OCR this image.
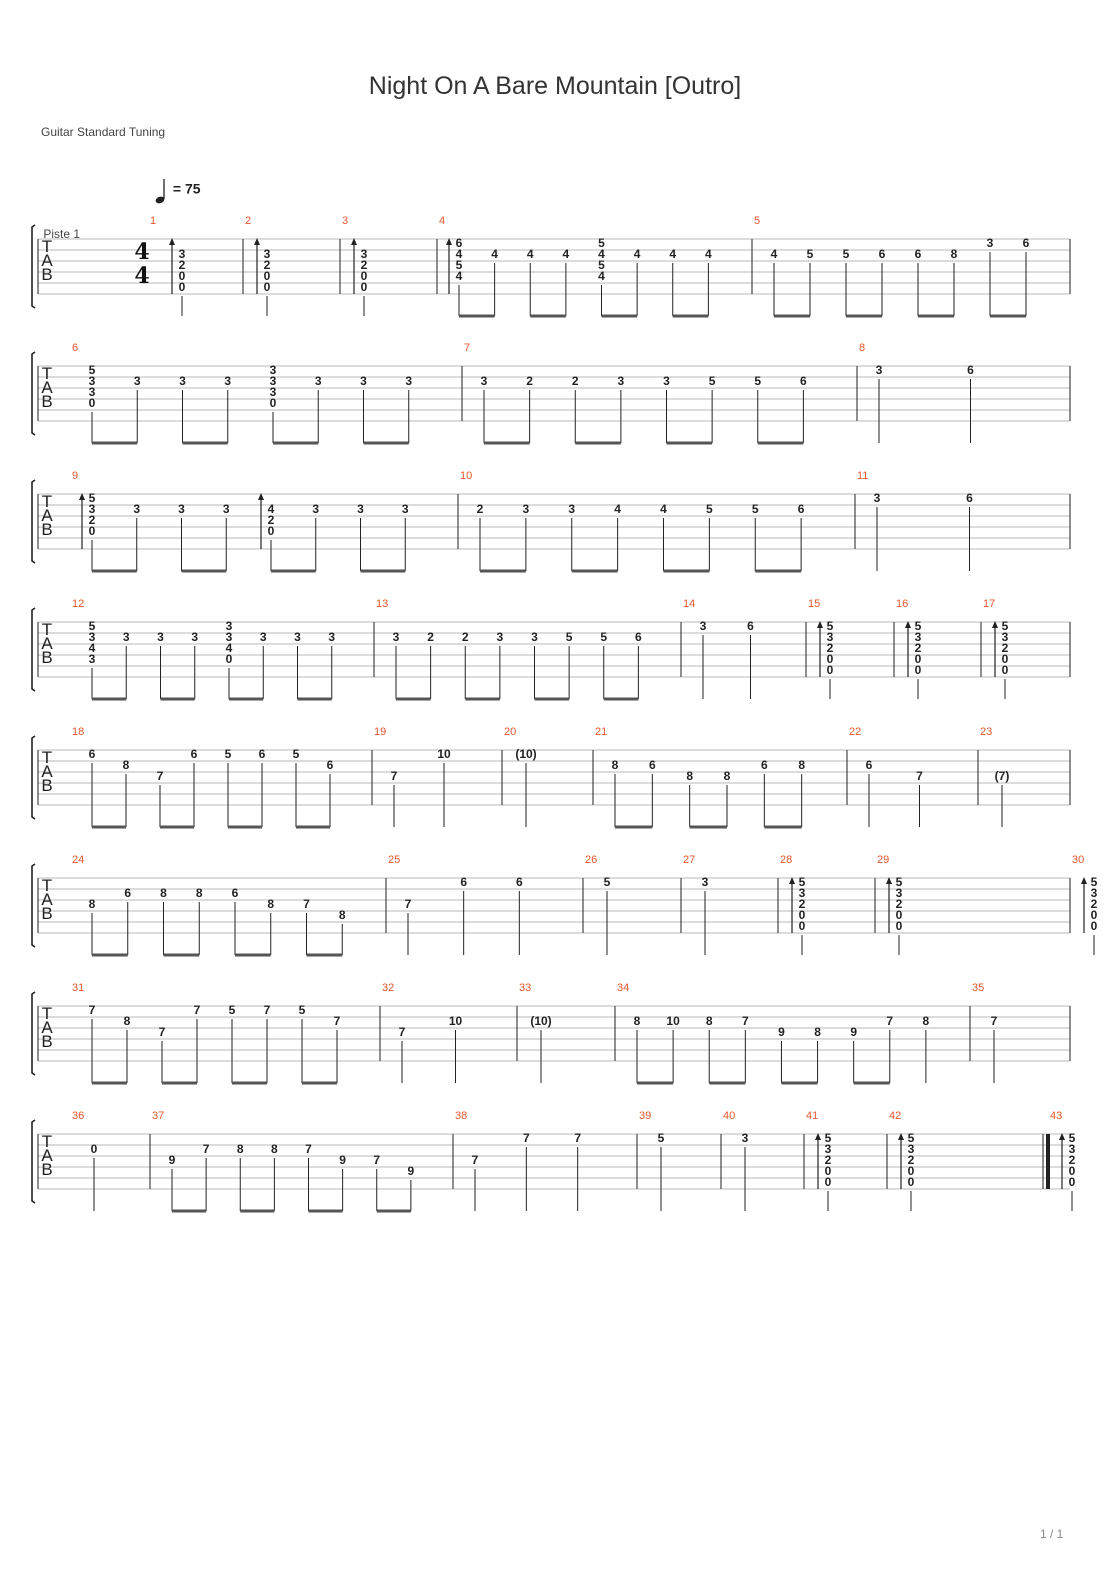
Night On A Bare Mountain [Outro]
Guitar Standard Tuning
= 75
T
A
B
Piste 1
4
4
1
3
2
0
0
2
3
2
0
0
3
3
2
0
0
4
6
4
5
4
4 4 4
5
4
5
4
4 4 4
5
4 5 5 6 6 8
3 6
T
A
B
6
5
3
3
0
3	3	3
3
3
3
0
3	3	3
7
3	2	2	3	3	5	5	6
8
3	6
T
A
B
9
5
3
2
0
3	3	3	4
2
0
3	3	3
10
2	3	3	4	4	5	5	6
11
3	6
T
A
B
12
5
3
4
3
3 3 3
3
3
4
0
3 3 3
13
3 2 2 3 3 5 5 6
14
3	6
15
5
3
2
0
0
16
5
3
2
0
0
17
5
3
2
0
0
T
A
B
18
6
8
7
6 5 6 5
6
19
7
10
20
(10)
21
8	6
8	8
6	8
22
6
7
23
(7)
T
A
B
24
8
6 8 8 6
8 7
8
25
7
6	6
26
5
27
3
28
5
3
2
0
0
29
5
3
2
0
0
30
5
3
2
0
0
T
A
B
31
7
8
7
7 5 7 5
7
32
7
10
33
(10)
34
8 10 8 7
9 8 9
7 8
35
7
T
A
B
36
0
37
9
7 8 8 7
9 7
9
38
7
7	7
39
5
40
3
41
5
3
2
0
0
42
5
3
2
0
0
43
5
3
2
0
0
1 / 1
